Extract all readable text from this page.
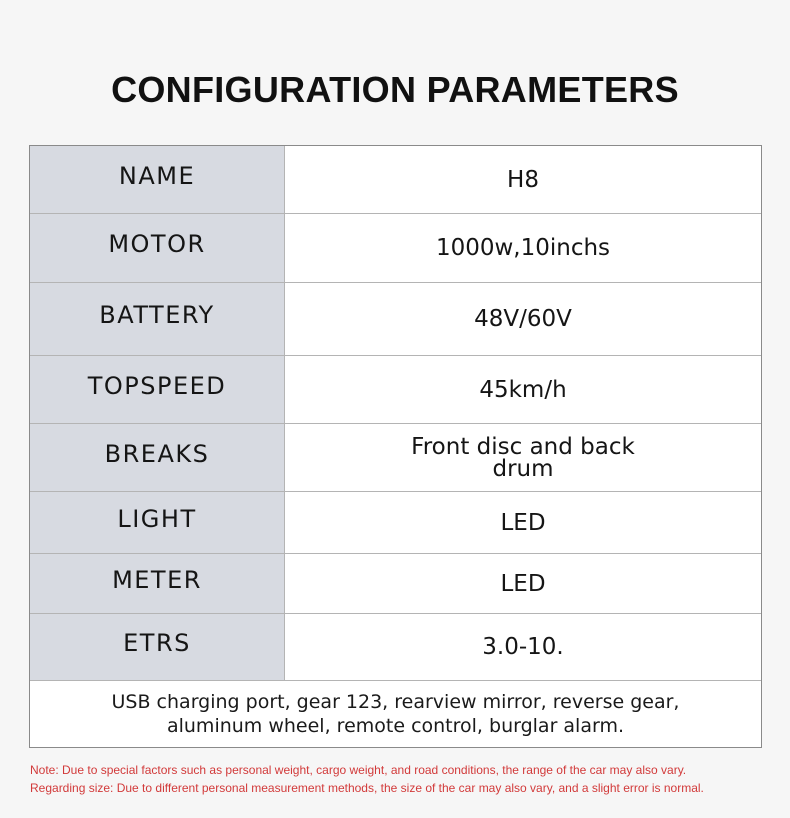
CONFIGURATION PARAMETERS
NAME	H8
MOTOR	1000w,10inchs
BATTERY	48V/60V
TOPSPEED	45km/h
BREAKS	Front disc and back drum
LIGHT	LED
METER	LED
ETRS	3.0-10.
USB charging port, gear 123, rearview mirror, reverse gear, aluminum wheel, remote control, burglar alarm.
Note: Due to special factors such as personal weight, cargo weight, and road conditions, the range of the car may also vary.
Regarding size: Due to different personal measurement methods, the size of the car may also vary, and a slight error is normal.
